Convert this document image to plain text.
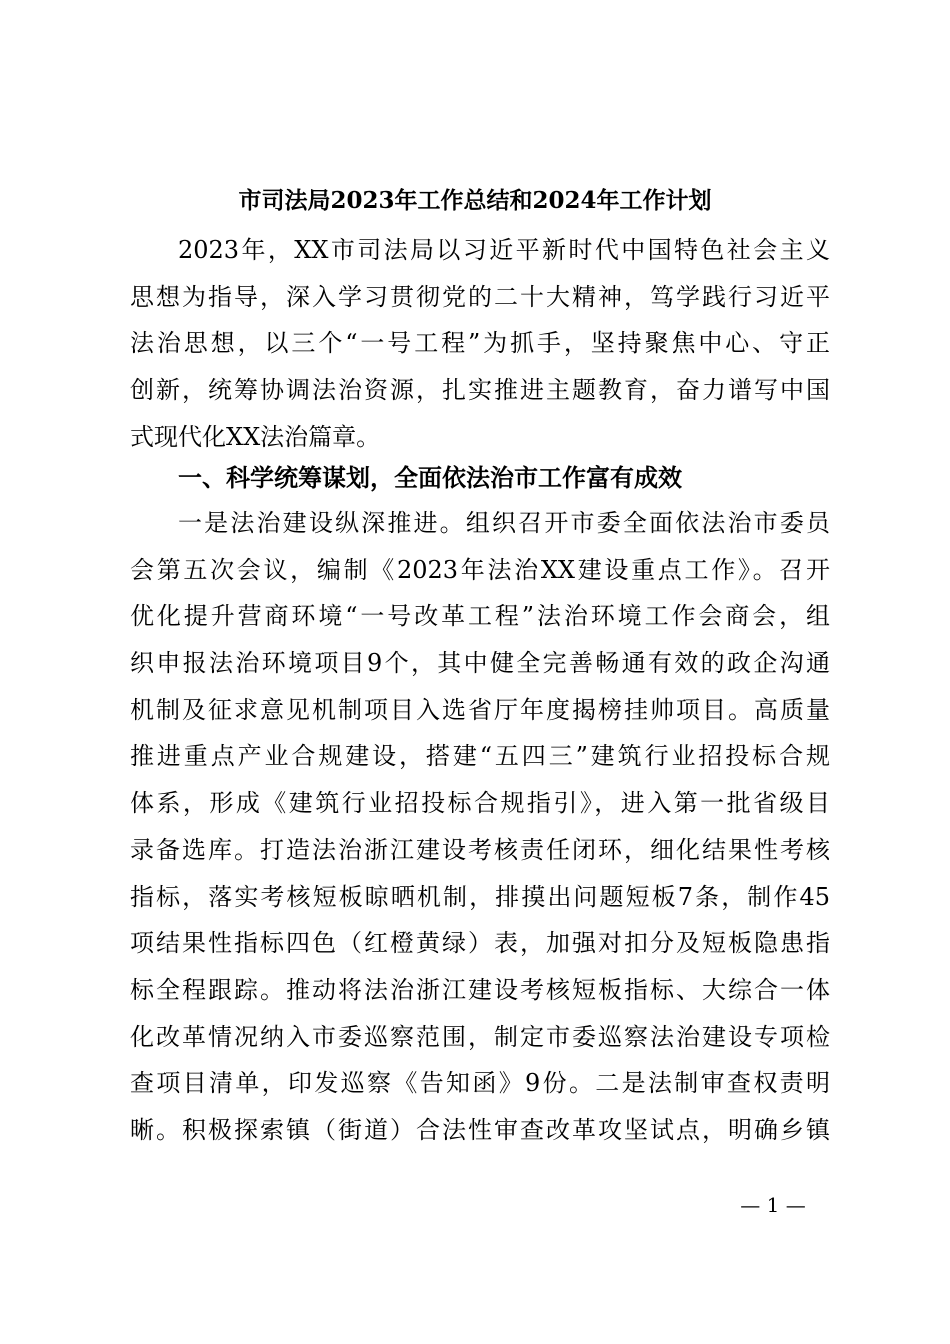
市司法局2023年工作总结和2024年工作计划
2023年，XX市司法局以习近平新时代中国特色社会主义
思想为指导，深入学习贯彻党的二十大精神，笃学践行习近平
法治思想，以三个“一号工程”为抓手，坚持聚焦中心、守正
创新，统筹协调法治资源，扎实推进主题教育，奋力谱写中国
式现代化XX法治篇章。
一、科学统筹谋划，全面依法治市工作富有成效
一是法治建设纵深推进。组织召开市委全面依法治市委员
会第五次会议，编制《2023年法治XX建设重点工作》。召开
优化提升营商环境“一号改革工程”法治环境工作会商会，组
织申报法治环境项目9个，其中健全完善畅通有效的政企沟通
机制及征求意见机制项目入选省厅年度揭榜挂帅项目。高质量
推进重点产业合规建设，搭建“五四三”建筑行业招投标合规
体系，形成《建筑行业招投标合规指引》，进入第一批省级目
录备选库。打造法治浙江建设考核责任闭环，细化结果性考核
指标，落实考核短板晾晒机制，排摸出问题短板7条，制作45
项结果性指标四色（红橙黄绿）表，加强对扣分及短板隐患指
标全程跟踪。推动将法治浙江建设考核短板指标、大综合一体
化改革情况纳入市委巡察范围，制定市委巡察法治建设专项检
查项目清单，印发巡察《告知函》9份。二是法制审查权责明
晰。积极探索镇（街道）合法性审查改革攻坚试点，明确乡镇
— 1 —
